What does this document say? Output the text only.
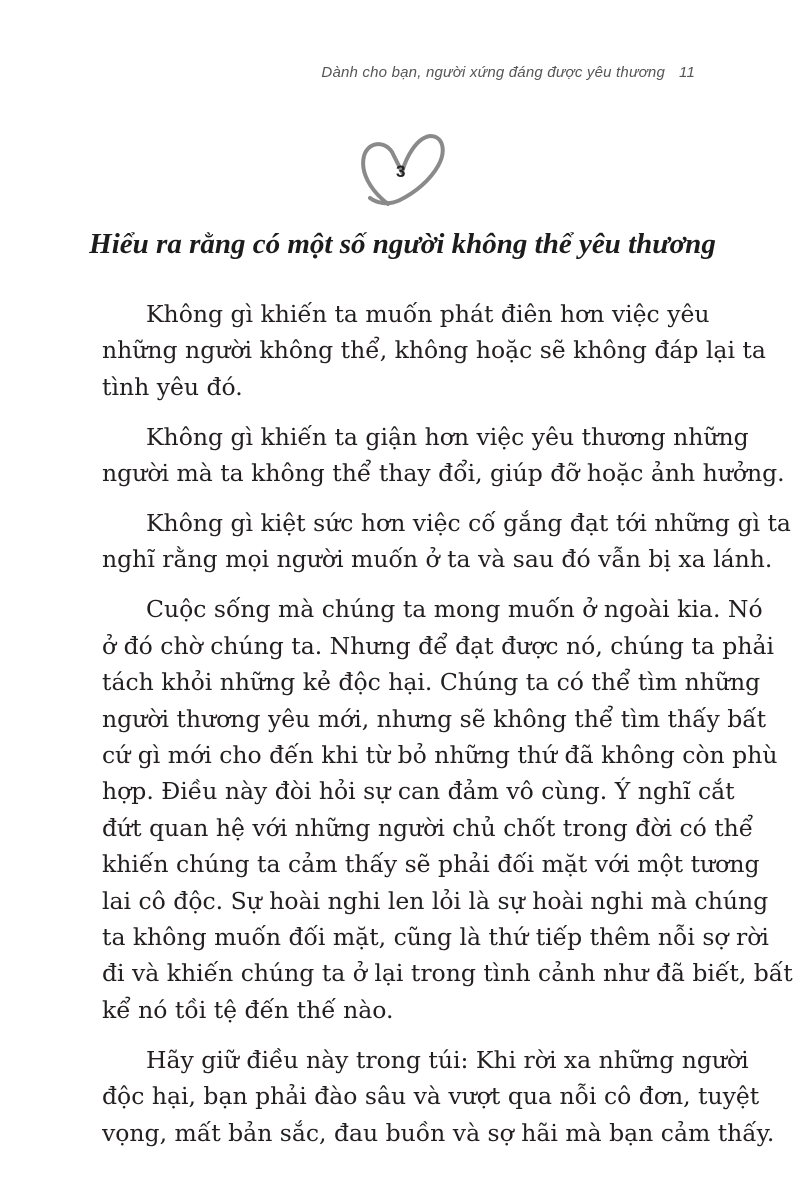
Dành cho bạn, người xứng đáng được yêu thương 11
3
Hiểu ra rằng có một số người không thể yêu thương
Không gì khiến ta muốn phát điên hơn việc yêu
những người không thể, không hoặc sẽ không đáp lại ta
tình yêu đó.
Không gì khiến ta giận hơn việc yêu thương những
người mà ta không thể thay đổi, giúp đỡ hoặc ảnh hưởng.
Không gì kiệt sức hơn việc cố gắng đạt tới những gì ta
nghĩ rằng mọi người muốn ở ta và sau đó vẫn bị xa lánh.
Cuộc sống mà chúng ta mong muốn ở ngoài kia. Nó
ở đó chờ chúng ta. Nhưng để đạt được nó, chúng ta phải
tách khỏi những kẻ độc hại. Chúng ta có thể tìm những
người thương yêu mới, nhưng sẽ không thể tìm thấy bất
cứ gì mới cho đến khi từ bỏ những thứ đã không còn phù
hợp. Điều này đòi hỏi sự can đảm vô cùng. Ý nghĩ cắt
đứt quan hệ với những người chủ chốt trong đời có thể
khiến chúng ta cảm thấy sẽ phải đối mặt với một tương
lai cô độc. Sự hoài nghi len lỏi là sự hoài nghi mà chúng
ta không muốn đối mặt, cũng là thứ tiếp thêm nỗi sợ rời
đi và khiến chúng ta ở lại trong tình cảnh như đã biết, bất
kể nó tồi tệ đến thế nào.
Hãy giữ điều này trong túi: Khi rời xa những người
độc hại, bạn phải đào sâu và vượt qua nỗi cô đơn, tuyệt
vọng, mất bản sắc, đau buồn và sợ hãi mà bạn cảm thấy.
